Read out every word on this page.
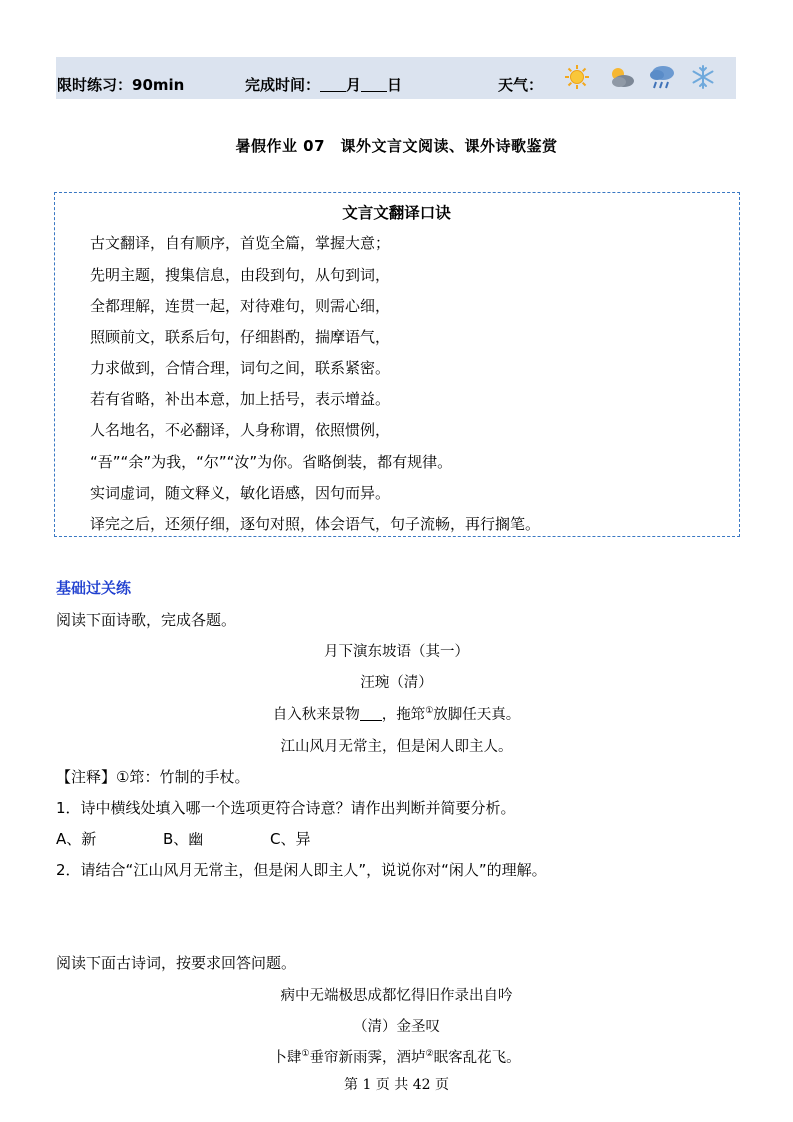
限时练习：90min	完成时间： 月 日	天气：
暑假作业 07　课外文言文阅读、课外诗歌鉴赏
文言文翻译口诀
古文翻译，自有顺序，首览全篇，掌握大意；
先明主题，搜集信息，由段到句，从句到词，
全都理解，连贯一起，对待难句，则需心细，
照顾前文，联系后句，仔细斟酌，揣摩语气，
力求做到，合情合理，词句之间，联系紧密。
若有省略，补出本意，加上括号，表示增益。
人名地名，不必翻译，人身称谓，依照惯例，
“吾”“余”为我，“尔”“汝”为你。省略倒装，都有规律。
实词虚词，随文释义，敏化语感，因句而异。
译完之后，还须仔细，逐句对照，体会语气，句子流畅，再行搁笔。
基础过关练
阅读下面诗歌，完成各题。
月下演东坡语（其一）
汪琬（清）
自入秋来景物 ，拖筇①放脚任天真。
江山风月无常主，但是闲人即主人。
【注释】①筇：竹制的手杖。
1．诗中横线处填入哪一个选项更符合诗意？请作出判断并简要分析。
A、新	B、幽	C、异
2．请结合“江山风月无常主，但是闲人即主人”，说说你对“闲人”的理解。
阅读下面古诗词，按要求回答问题。
病中无端极思成都忆得旧作录出自吟
（清）金圣叹
卜肆①垂帘新雨霁，酒垆②眠客乱花飞。
第 1 页 共 42 页
